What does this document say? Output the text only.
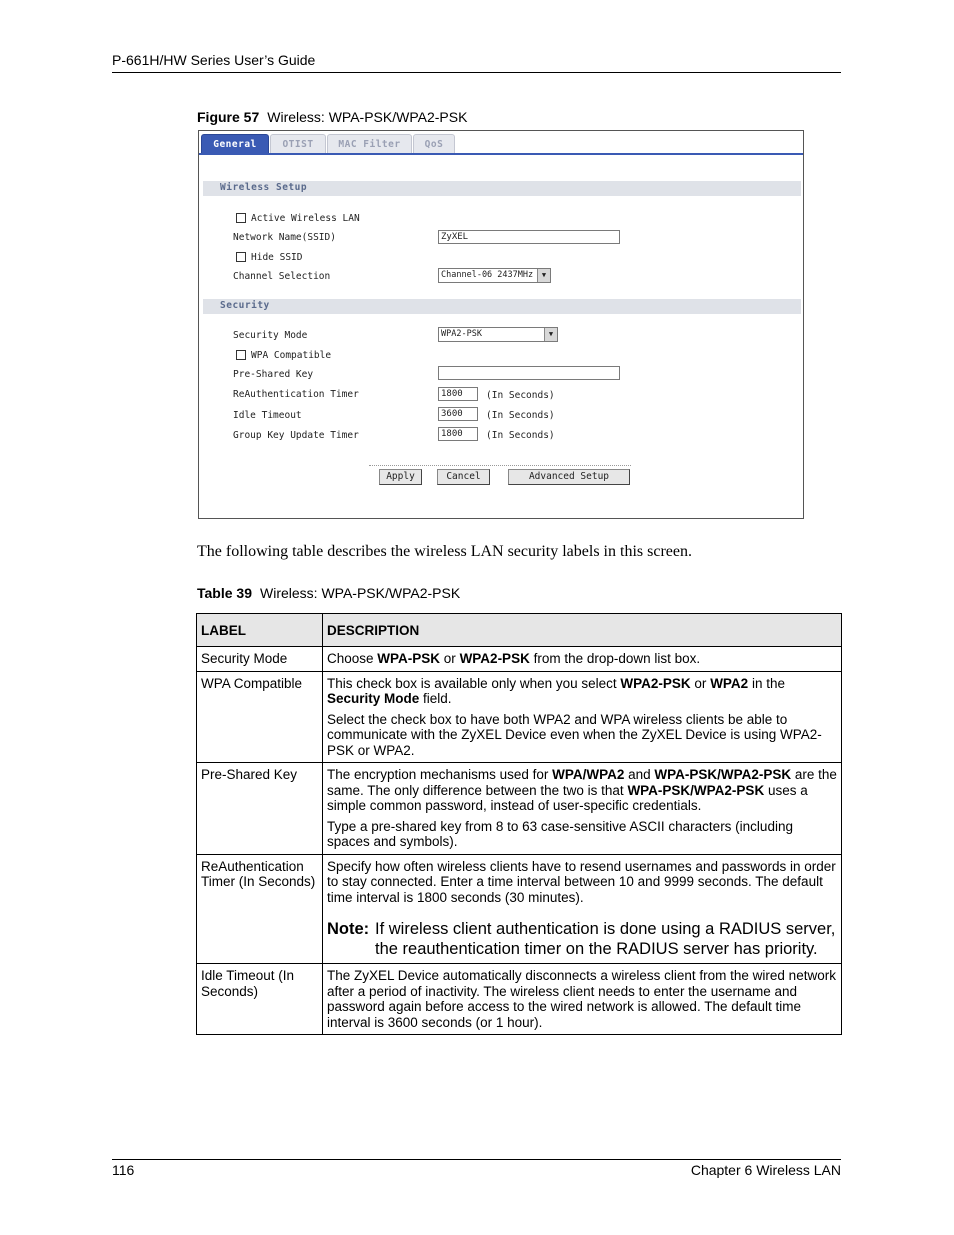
P-661H/HW Series User’s Guide
Figure 57 Wireless: WPA-PSK/WPA2-PSK
General	OTIST	MAC Filter	QoS
Wireless Setup
Active Wireless LAN
Network Name(SSID)	ZyXEL
Hide SSID
Channel Selection	Channel-06 2437MHz	▼
Security
Security Mode	WPA2-PSK	▼
WPA Compatible
Pre-Shared Key
ReAuthentication Timer	1800	(In Seconds)
Idle Timeout	3600	(In Seconds)
Group Key Update Timer	1800	(In Seconds)
Apply	Cancel	Advanced Setup
The following table describes the wireless LAN security labels in this screen.
Table 39 Wireless: WPA-PSK/WPA2-PSK
LABEL	DESCRIPTION
Security Mode	Choose WPA-PSK or WPA2-PSK from the drop-down list box.
WPA Compatible	This check box is available only when you select WPA2-PSK or WPA2 in the Security Mode field.

Select the check box to have both WPA2 and WPA wireless clients be able to communicate with the ZyXEL Device even when the ZyXEL Device is using WPA2-PSK or WPA2.

Pre-Shared Key	The encryption mechanisms used for WPA/WPA2 and WPA-PSK/WPA2-PSK are the same. The only difference between the two is that WPA-PSK/WPA2-PSK uses a simple common password, instead of user-specific credentials.

Type a pre-shared key from 8 to 63 case-sensitive ASCII characters (including spaces and symbols).

ReAuthentication Timer (In Seconds)	Specify how often wireless clients have to resend usernames and passwords in order to stay connected. Enter a time interval between 10 and 9999 seconds. The default time interval is 1800 seconds (30 minutes).

Note: If wireless client authentication is done using a RADIUS server, the reauthentication timer on the RADIUS server has priority.

Idle Timeout (In Seconds)	The ZyXEL Device automatically disconnects a wireless client from the wired network after a period of inactivity. The wireless client needs to enter the username and password again before access to the wired network is allowed. The default time interval is 3600 seconds (or 1 hour).

116	Chapter 6 Wireless LAN
